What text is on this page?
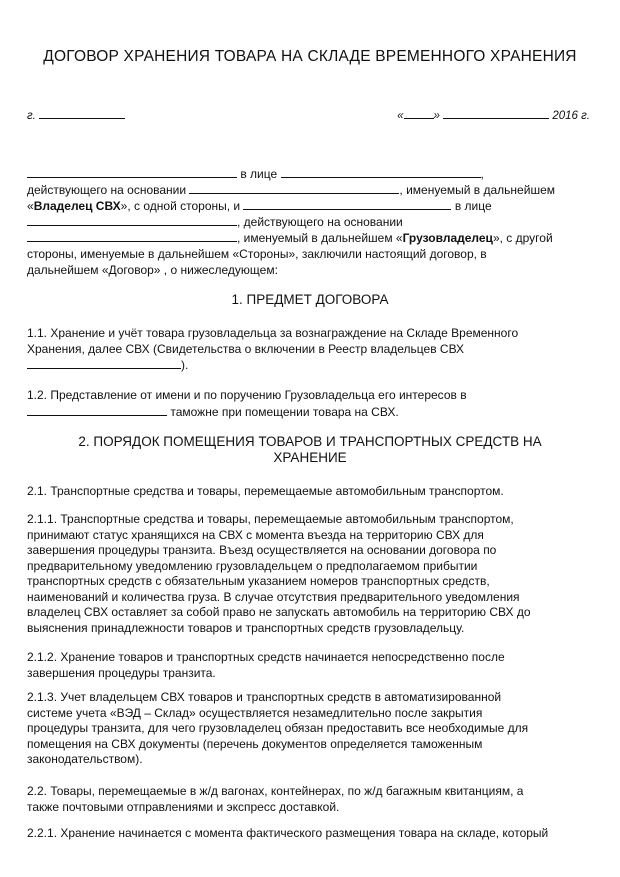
ДОГОВОР ХРАНЕНИЯ ТОВАРА НА СКЛАДЕ ВРЕМЕННОГО ХРАНЕНИЯ
г.	«	»	2016 г.
в лице	,
действующего на основании	, именуемый в дальнейшем
«Владелец СВХ», с одной стороны, и	в лице
, действующего на основании
, именуемый в дальнейшем «Грузовладелец», с другой
стороны, именуемые в дальнейшем «Стороны», заключили настоящий договор, в
дальнейшем «Договор» , о нижеследующем:
1. ПРЕДМЕТ ДОГОВОРА
1.1. Хранение и учёт товара грузовладельца за вознаграждение на Складе Временного
Хранения, далее СВХ (Свидетельства о включении в Реестр владельцев СВХ
).
1.2. Представление от имени и по поручению Грузовладельца его интересов в
таможне при помещении товара на СВХ.
2. ПОРЯДОК ПОМЕЩЕНИЯ ТОВАРОВ И ТРАНСПОРТНЫХ СРЕДСТВ НА ХРАНЕНИЕ
2.1. Транспортные средства и товары, перемещаемые автомобильным транспортом.
2.1.1. Транспортные средства и товары, перемещаемые автомобильным транспортом,
принимают статус хранящихся на СВХ с момента въезда на территорию СВХ для
завершения процедуры транзита. Въезд осуществляется на основании договора по
предварительному уведомлению грузовладельцем о предполагаемом прибытии
транспортных средств с обязательным указанием номеров транспортных средств,
наименований и количества груза. В случае отсутствия предварительного уведомления
владелец СВХ оставляет за собой право не запускать автомобиль на территорию СВХ до
выяснения принадлежности товаров и транспортных средств грузовладельцу.
2.1.2. Хранение товаров и транспортных средств начинается непосредственно после
завершения процедуры транзита.
2.1.3. Учет владельцем СВХ товаров и транспортных средств в автоматизированной
системе учета «ВЭД – Склад» осуществляется незамедлительно после закрытия
процедуры транзита, для чего грузовладелец обязан предоставить все необходимые для
помещения на СВХ документы (перечень документов определяется таможенным
законодательством).
2.2. Товары, перемещаемые в ж/д вагонах, контейнерах, по ж/д багажным квитанциям, а
также почтовыми отправлениями и экспресс доставкой.
2.2.1. Хранение начинается с момента фактического размещения товара на складе, который
